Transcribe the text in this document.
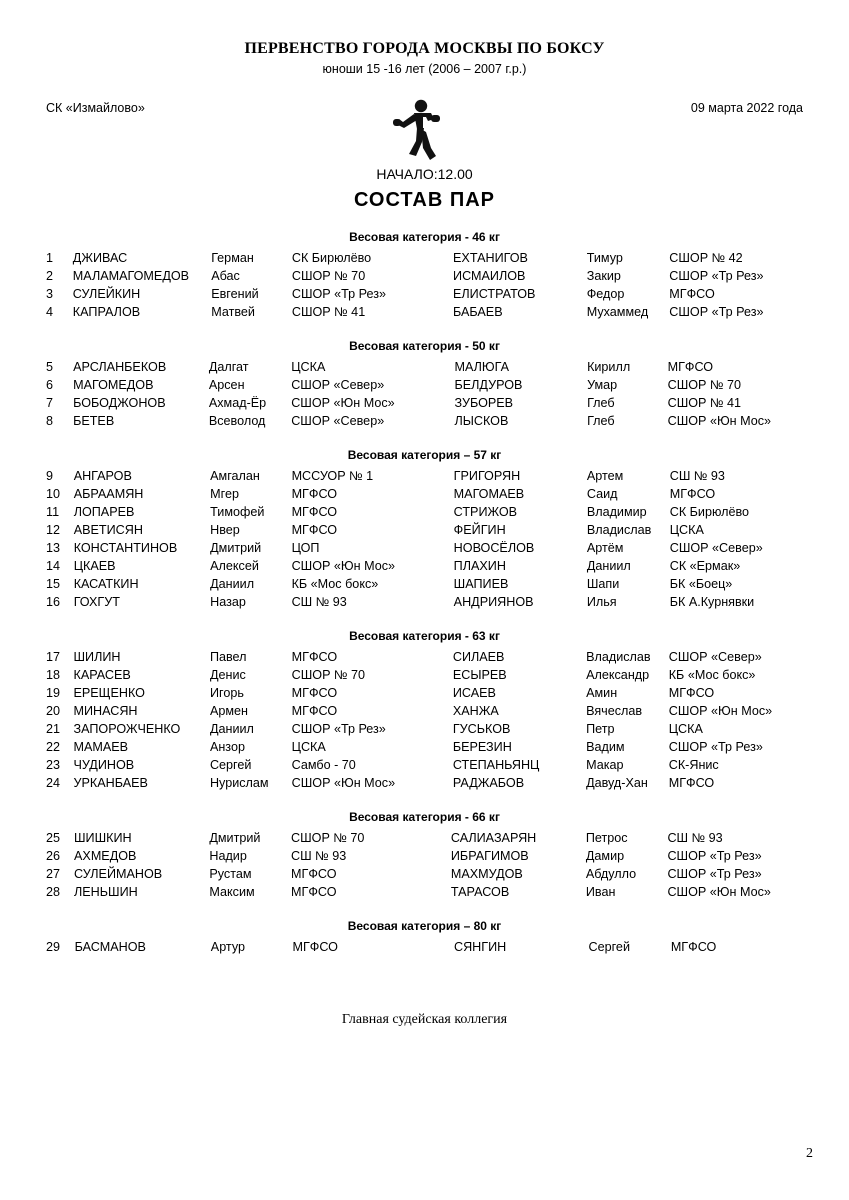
ПЕРВЕНСТВО ГОРОДА МОСКВЫ ПО БОКСУ
юноши 15 -16 лет (2006 – 2007 г.р.)
СК «Измайлово»	09 марта 2022 года
НАЧАЛО:12.00
СОСТАВ ПАР
Весовая категория - 46 кг
1	ДЖИВАС	Герман	СК Бирюлёво	ЕХТАНИГОВ	Тимур	СШОР № 42
2	МАЛАМАГОМЕДОВ	Абас	СШОР № 70	ИСМАИЛОВ	Закир	СШОР «Тр Рез»
3	СУЛЕЙКИН	Евгений	СШОР «Тр Рез»	ЕЛИСТРАТОВ	Федор	МГФСО
4	КАПРАЛОВ	Матвей	СШОР № 41	БАБАЕВ	Мухаммед	СШОР «Тр Рез»
Весовая категория - 50 кг
5	АРСЛАНБЕКОВ	Далгат	ЦСКА	МАЛЮГА	Кирилл	МГФСО
6	МАГОМЕДОВ	Арсен	СШОР «Север»	БЕЛДУРОВ	Умар	СШОР № 70
7	БОБОДЖОНОВ	Ахмад-Ёр	СШОР «Юн Мос»	ЗУБОРЕВ	Глеб	СШОР № 41
8	БЕТЕВ	Всеволод	СШОР «Север»	ЛЫСКОВ	Глеб	СШОР «Юн Мос»
Весовая категория – 57 кг
9	АНГАРОВ	Амгалан	МССУОР № 1	ГРИГОРЯН	Артем	СШ № 93
10	АБРААМЯН	Мгер	МГФСО	МАГОМАЕВ	Саид	МГФСО
11	ЛОПАРЕВ	Тимофей	МГФСО	СТРИЖОВ	Владимир	СК Бирюлёво
12	АВЕТИСЯН	Нвер	МГФСО	ФЕЙГИН	Владислав	ЦСКА
13	КОНСТАНТИНОВ	Дмитрий	ЦОП	НОВОСЁЛОВ	Артём	СШОР «Север»
14	ЦКАЕВ	Алексей	СШОР «Юн Мос»	ПЛАХИН	Даниил	СК «Ермак»
15	КАСАТКИН	Даниил	КБ «Мос бокс»	ШАПИЕВ	Шапи	БК «Боец»
16	ГОХГУТ	Назар	СШ № 93	АНДРИЯНОВ	Илья	БК А.Курнявки
Весовая категория - 63 кг
17	ШИЛИН	Павел	МГФСО	СИЛАЕВ	Владислав	СШОР «Север»
18	КАРАСЕВ	Денис	СШОР № 70	ЕСЫРЕВ	Александр	КБ «Мос бокс»
19	ЕРЕЩЕНКО	Игорь	МГФСО	ИСАЕВ	Амин	МГФСО
20	МИНАСЯН	Армен	МГФСО	ХАНЖА	Вячеслав	СШОР «Юн Мос»
21	ЗАПОРОЖЧЕНКО	Даниил	СШОР «Тр Рез»	ГУСЬКОВ	Петр	ЦСКА
22	МАМАЕВ	Анзор	ЦСКА	БЕРЕЗИН	Вадим	СШОР «Тр Рез»
23	ЧУДИНОВ	Сергей	Самбо - 70	СТЕПАНЬЯНЦ	Макар	СК-Янис
24	УРКАНБАЕВ	Нурислам	СШОР «Юн Мос»	РАДЖАБОВ	Давуд-Хан	МГФСО
Весовая категория - 66 кг
25	ШИШКИН	Дмитрий	СШОР № 70	САЛИАЗАРЯН	Петрос	СШ № 93
26	АХМЕДОВ	Надир	СШ № 93	ИБРАГИМОВ	Дамир	СШОР «Тр Рез»
27	СУЛЕЙМАНОВ	Рустам	МГФСО	МАХМУДОВ	Абдулло	СШОР «Тр Рез»
28	ЛЕНЬШИН	Максим	МГФСО	ТАРАСОВ	Иван	СШОР «Юн Мос»
Весовая категория – 80 кг
29	БАСМАНОВ	Артур	МГФСО	СЯНГИН	Сергей	МГФСО
Главная судейская коллегия
2
